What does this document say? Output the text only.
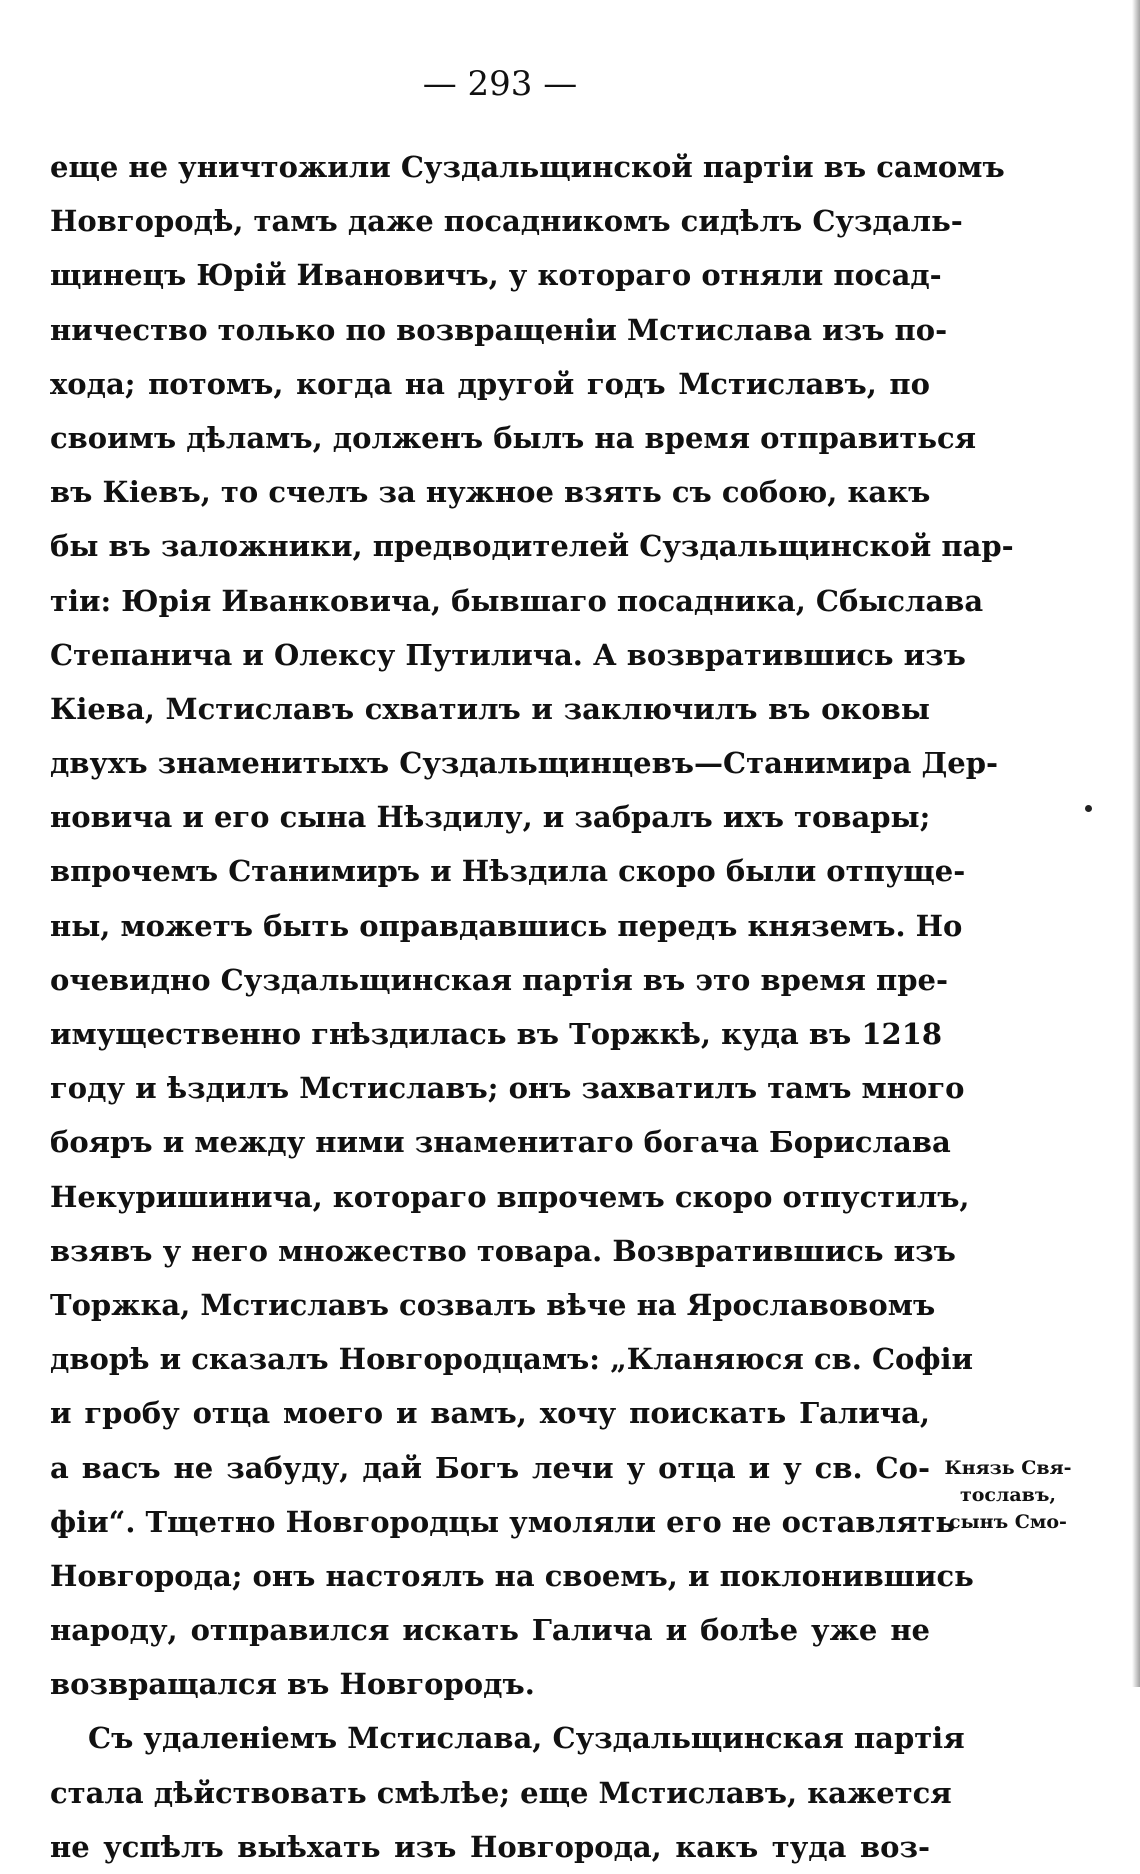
— 293 —
еще не уничтожили Суздальщинской партіи въ самомъ
Новгородѣ, тамъ даже посадникомъ сидѣлъ Суздаль-
щинецъ Юрій Ивановичъ, у котораго отняли посад-
ничество только по возвращеніи Мстислава изъ по-
хода; потомъ, когда на другой годъ Мстиславъ, по
своимъ дѣламъ, долженъ былъ на время отправиться
въ Кіевъ, то счелъ за нужное взять съ собою, какъ
бы въ заложники, предводителей Суздальщинской пар-
тіи: Юрія Иванковича, бывшаго посадника, Сбыслава
Степанича и Олексу Путилича. А возвратившись изъ
Кіева, Мстиславъ схватилъ и заключилъ въ оковы
двухъ знаменитыхъ Суздальщинцевъ—Станимира Дер-
новича и его сына Нѣздилу, и забралъ ихъ товары;
впрочемъ Станимиръ и Нѣздила скоро были отпуще-
ны, можетъ быть оправдавшись передъ княземъ. Но
очевидно Суздальщинская партія въ это время пре-
имущественно гнѣздилась въ Торжкѣ, куда въ 1218
году и ѣздилъ Мстиславъ; онъ захватилъ тамъ много
бояръ и между ними знаменитаго богача Борислава
Некуришинича, котораго впрочемъ скоро отпустилъ,
взявъ у него множество товара. Возвратившись изъ
Торжка, Мстиславъ созвалъ вѣче на Ярославовомъ
дворѣ и сказалъ Новгородцамъ: „Кланяюся св. Софіи
и гробу отца моего и вамъ, хочу поискать Галича,
а васъ не забуду, дай Богъ лечи у отца и у св. Со-
фіи“. Тщетно Новгородцы умоляли его не оставлять
Новгорода; онъ настоялъ на своемъ, и поклонившись
народу, отправился искать Галича и болѣе уже не
возвращался въ Новгородъ.
Съ удаленіемъ Мстислава, Суздальщинская партія
стала дѣйствовать смѣлѣе; еще Мстиславъ, кажется
не успѣлъ выѣхать изъ Новгорода, какъ туда воз-
Князь Свя-
тославъ,
сынъ Смо-
